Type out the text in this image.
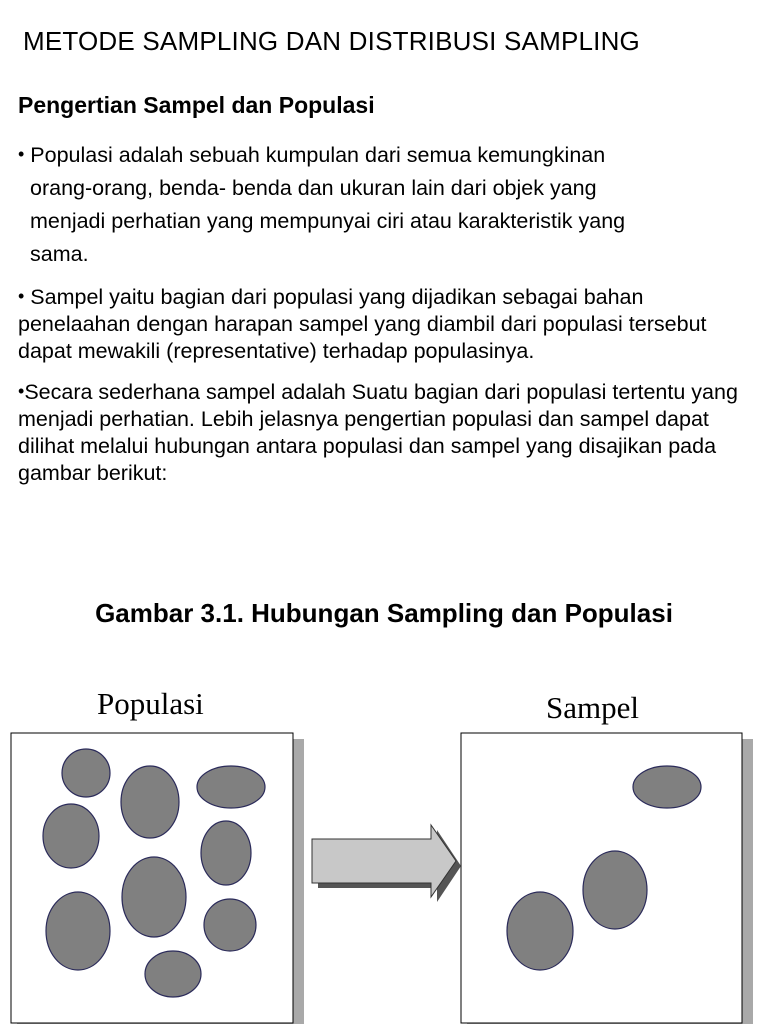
METODE SAMPLING DAN DISTRIBUSI SAMPLING
Pengertian Sampel dan Populasi
• Populasi adalah sebuah kumpulan dari semua kemungkinan
orang-orang, benda- benda dan ukuran lain dari objek yang
menjadi perhatian yang mempunyai ciri atau karakteristik yang
sama.

• Sampel yaitu bagian dari populasi yang dijadikan sebagai bahan penelaahan dengan harapan sampel yang diambil dari populasi tersebut dapat mewakili (representative) terhadap populasinya.

•Secara sederhana sampel adalah Suatu bagian dari populasi tertentu yang menjadi perhatian. Lebih jelasnya pengertian populasi dan sampel dapat dilihat melalui hubungan antara populasi dan sampel yang disajikan pada gambar berikut:

Gambar 3.1. Hubungan Sampling dan Populasi
Populasi	Sampel
